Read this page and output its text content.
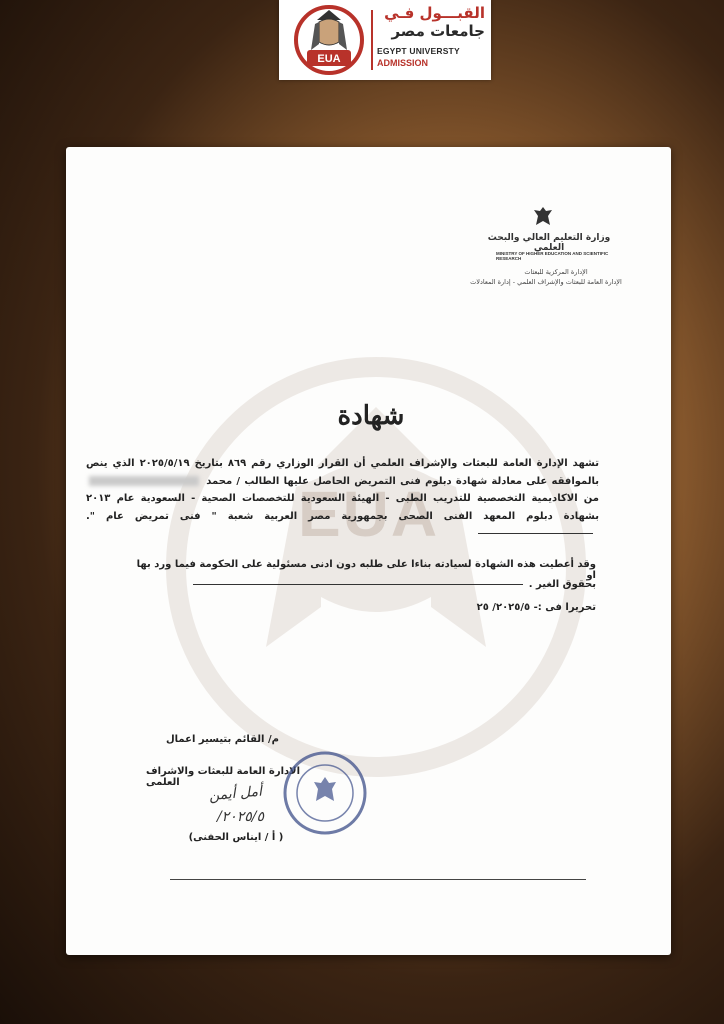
EUA
القبـــول فـي
جامعات مصر
EGYPT UNIVERSTY
ADMISSION
EUA
وزارة التعليم العالي والبحث العلمي
MINISTRY OF HIGHER EDUCATION AND SCIENTIFIC RESEARCH
الإدارة المركزية للبعثات
الإدارة العامة للبعثات والإشراف العلمي - إدارة المعادلات
شهادة

تشهد الإدارة العامة للبعثات والإشراف العلمي أن القرار الوزاري رقم ٨٦٩ بتاريخ ٢٠٢٥/٥/١٩ الذي ينص بالموافقه على معادلة شهادة دبلوم فنى التمريض الحاصل عليها الطالب / محمد  من الاكاديمية التخصصية للتدريب الطبى - الهيئة السعودية للتخصصات الصحية - السعودية عام ٢٠١٣ بشهادة دبلوم المعهد الفنى الصحى بجمهورية مصر العربية شعبة " فنى تمريض عام ".

وقد أعطيت هذه الشهادة لسيادته بناءا على طلبه دون ادنى مسئولية على الحكومة فيما ورد بها او
بحقوق الغير .
تحريرا فى :- ٢٠٢٥/٥/ ٢٥
م/ القائم بتيسير اعمال
الادارة العامة للبعثات والاشراف العلمى
أمل أيمن
٢٠٢٥/٥/
( أ / ايناس الحفنى)
